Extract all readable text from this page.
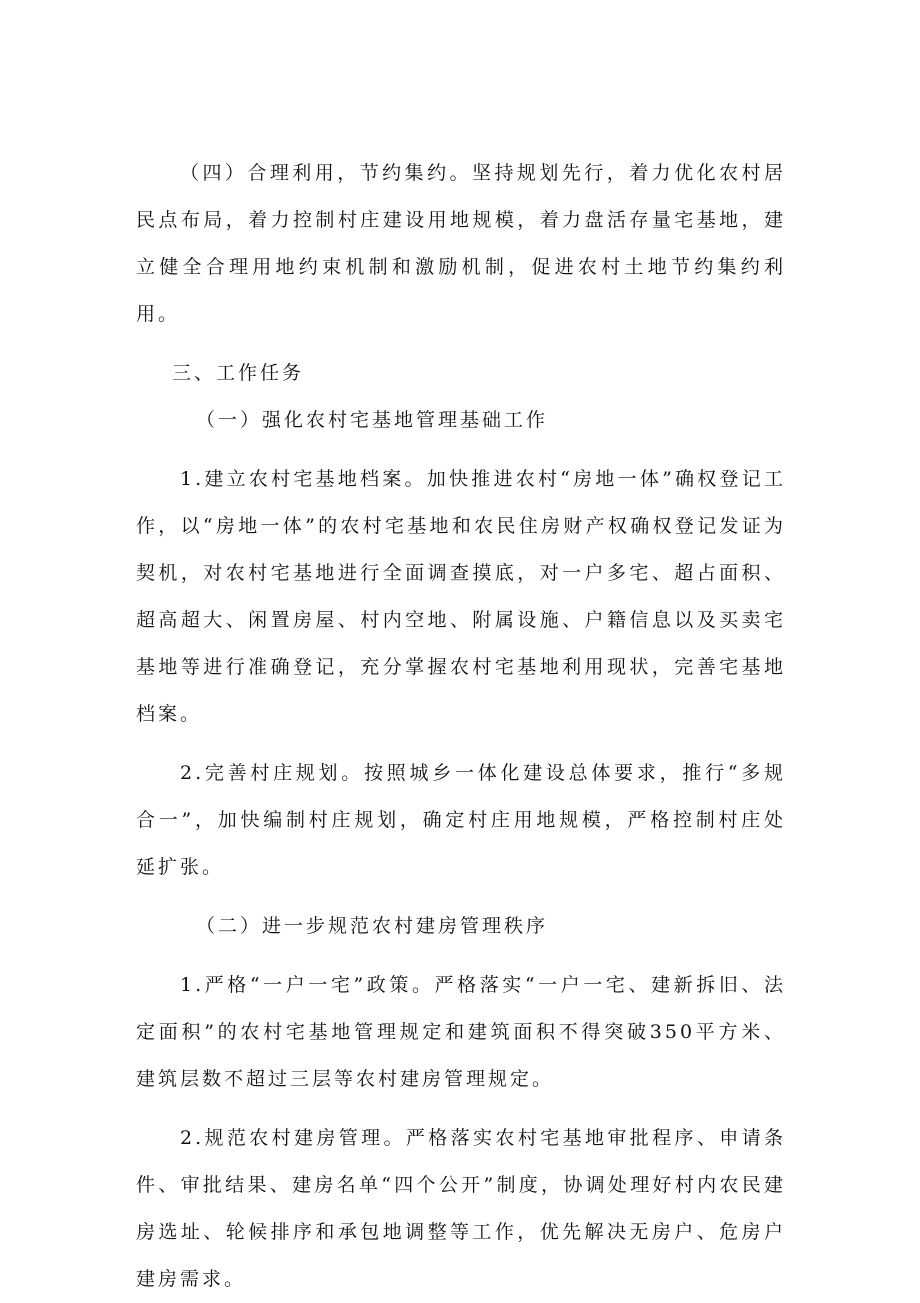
（四）合理利用，节约集约。坚持规划先行，着力优化农村居民点布局，着力控制村庄建设用地规模，着力盘活存量宅基地，建立健全合理用地约束机制和激励机制，促进农村土地节约集约利用。

三、工作任务

（一）强化农村宅基地管理基础工作

1.建立农村宅基地档案。加快推进农村“房地一体”确权登记工作，以“房地一体”的农村宅基地和农民住房财产权确权登记发证为契机，对农村宅基地进行全面调查摸底，对一户多宅、超占面积、超高超大、闲置房屋、村内空地、附属设施、户籍信息以及买卖宅基地等进行准确登记，充分掌握农村宅基地利用现状，完善宅基地档案。

2.完善村庄规划。按照城乡一体化建设总体要求，推行“多规合一”，加快编制村庄规划，确定村庄用地规模，严格控制村庄处延扩张。

（二）进一步规范农村建房管理秩序

1.严格“一户一宅”政策。严格落实“一户一宅、建新拆旧、法定面积”的农村宅基地管理规定和建筑面积不得突破350平方米、建筑层数不超过三层等农村建房管理规定。

2.规范农村建房管理。严格落实农村宅基地审批程序、申请条件、审批结果、建房名单“四个公开”制度，协调处理好村内农民建房选址、轮候排序和承包地调整等工作，优先解决无房户、危房户建房需求。
